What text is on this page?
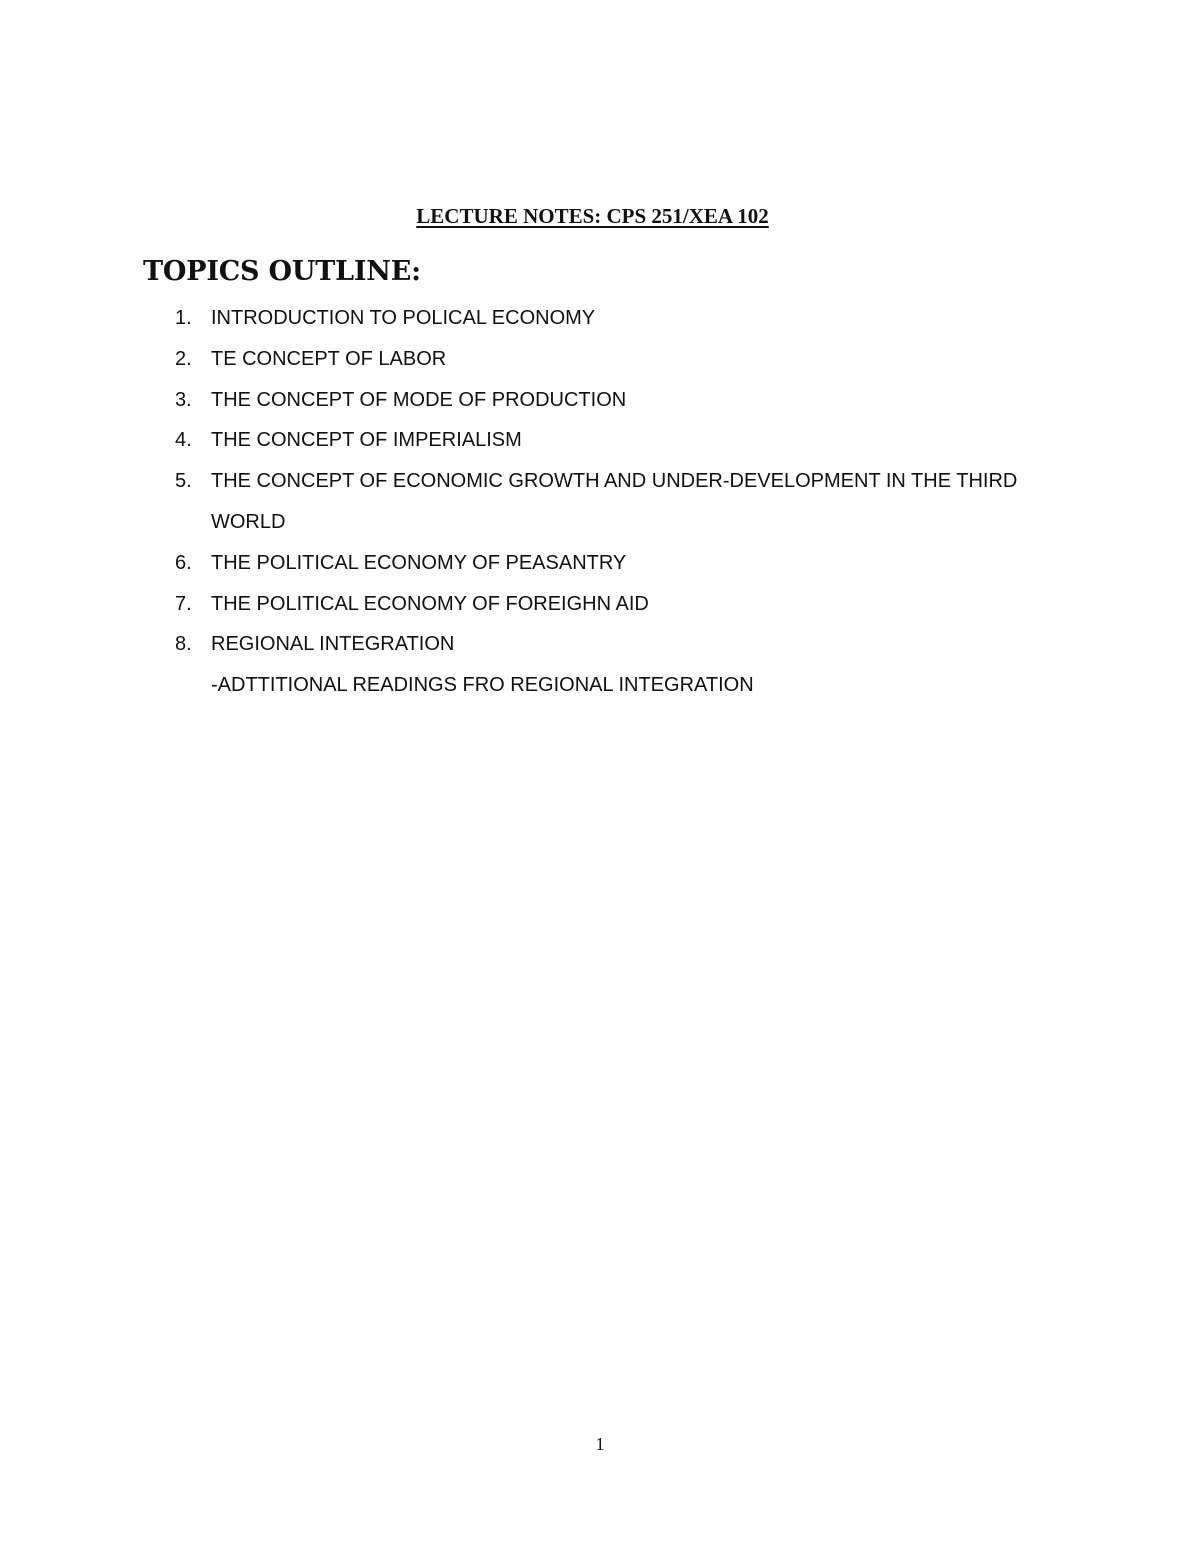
LECTURE NOTES: CPS 251/XEA 102
TOPICS OUTLINE:
1. INTRODUCTION TO POLICAL ECONOMY
2. TE CONCEPT OF LABOR
3. THE CONCEPT OF MODE OF PRODUCTION
4. THE CONCEPT OF IMPERIALISM
5. THE CONCEPT OF ECONOMIC GROWTH AND UNDER-DEVELOPMENT IN THE THIRD WORLD
6. THE POLITICAL ECONOMY OF PEASANTRY
7. THE POLITICAL ECONOMY OF FOREIGHN AID
8. REGIONAL INTEGRATION
-ADTTITIONAL READINGS FRO REGIONAL INTEGRATION
1
